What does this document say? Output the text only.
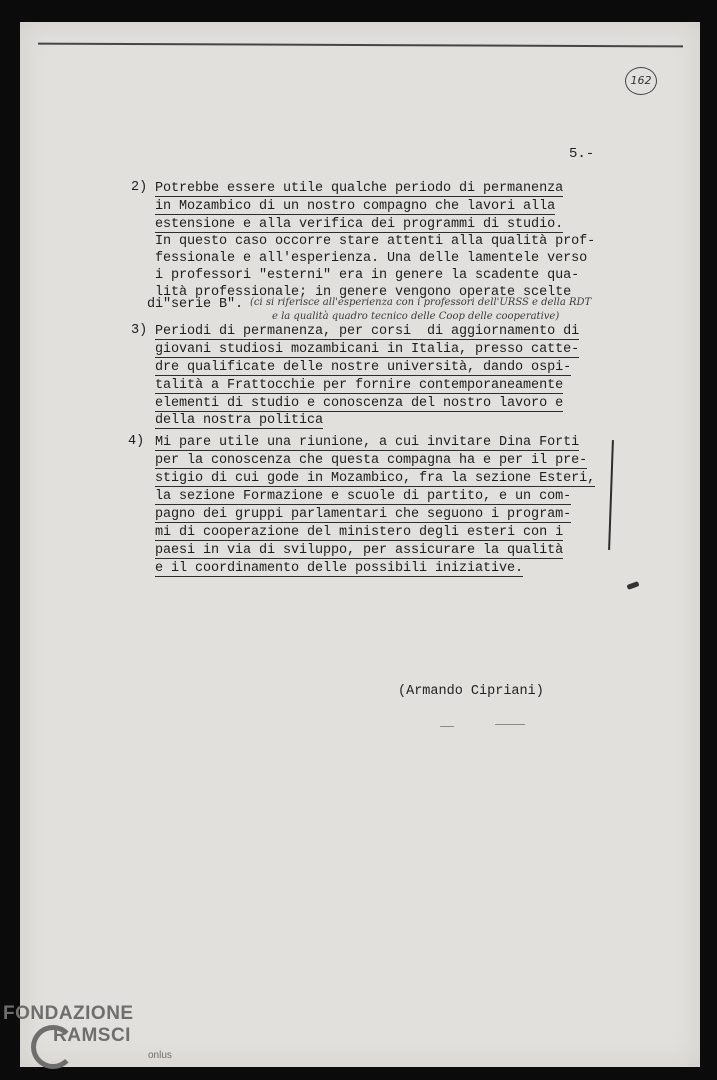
162
5.-
2) Potrebbe essere utile qualche periodo di permanenza
in Mozambico di un nostro compagno che lavori alla
estensione e alla verifica dei programmi di studio.
In questo caso occorre stare attenti alla qualità prof-
fessionale e all'esperienza. Una delle lamentele verso
i professori "esterni" era in genere la scadente qua-
lità professionale; in genere vengono operate scelte
di"serie B". (ci si riferisce all'esperienza con i professori dell'URSS e della RDT
e la qualità quadro tecnico delle Coop delle cooperative)
3) Periodi di permanenza, per corsi  di aggiornamento di
giovani studiosi mozambicani in Italia, presso catte-
dre qualificate delle nostre università, dando ospi-
talità a Frattocchie per fornire contemporaneamente
elementi di studio e conoscenza del nostro lavoro e
della nostra politica
4) Mi pare utile una riunione, a cui invitare Dina Forti
per la conoscenza che questa compagna ha e per il pre-
stigio di cui gode in Mozambico, fra la sezione Esteri,
la sezione Formazione e scuole di partito, e un com-
pagno dei gruppi parlamentari che seguono i program-
mi di cooperazione del ministero degli esteri con i
paesi in via di sviluppo, per assicurare la qualità
e il coordinamento delle possibili iniziative.
(Armando Cipriani)
FONDAZIONE
RAMSCI
onlus
